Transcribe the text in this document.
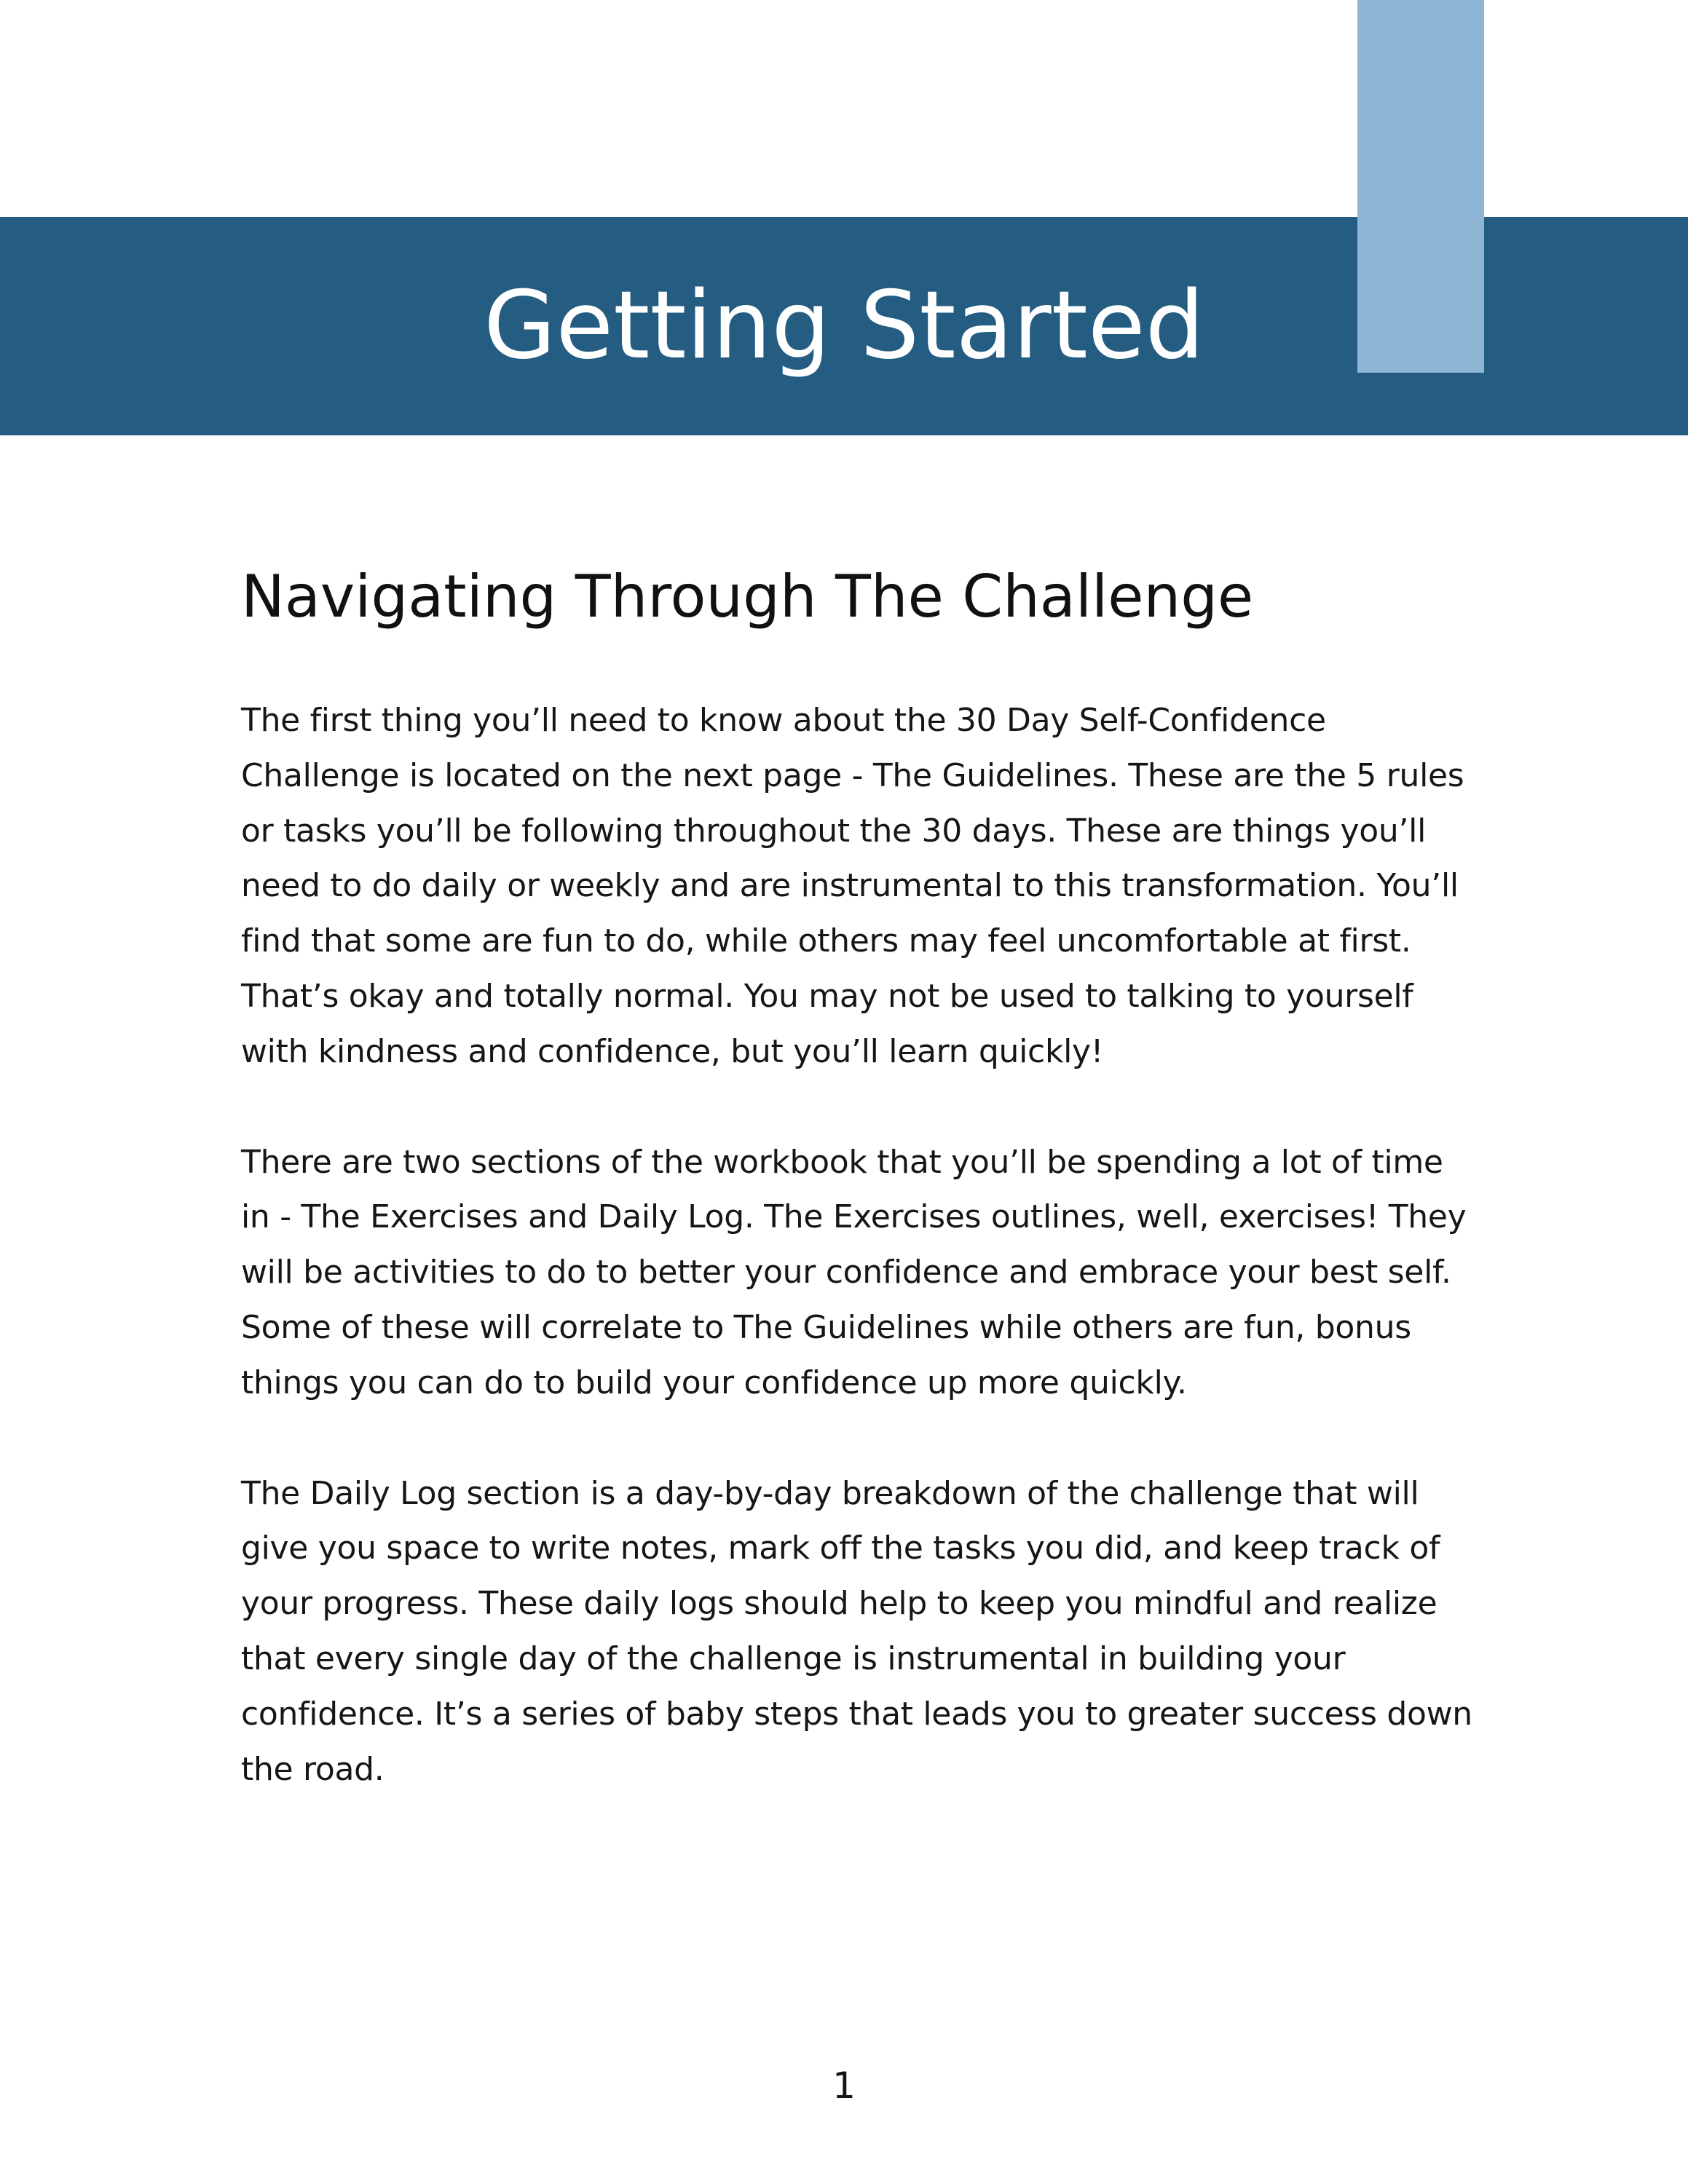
Getting Started
Navigating Through The Challenge

The first thing you’ll need to know about the 30 Day Self-Confidence Challenge is located on the next page - The Guidelines. These are the 5 rules or tasks you’ll be following throughout the 30 days. These are things you’ll need to do daily or weekly and are instrumental to this transformation. You’ll find that some are fun to do, while others may feel uncomfortable at first. That’s okay and totally normal. You may not be used to talking to yourself with kindness and confidence, but you’ll learn quickly!

There are two sections of the workbook that you’ll be spending a lot of time in - The Exercises and Daily Log. The Exercises outlines, well, exercises! They will be activities to do to better your confidence and embrace your best self. Some of these will correlate to The Guidelines while others are fun, bonus things you can do to build your confidence up more quickly.

The Daily Log section is a day-by-day breakdown of the challenge that will give you space to write notes, mark off the tasks you did, and keep track of your progress. These daily logs should help to keep you mindful and realize that every single day of the challenge is instrumental in building your confidence. It’s a series of baby steps that leads you to greater success down the road.

1
